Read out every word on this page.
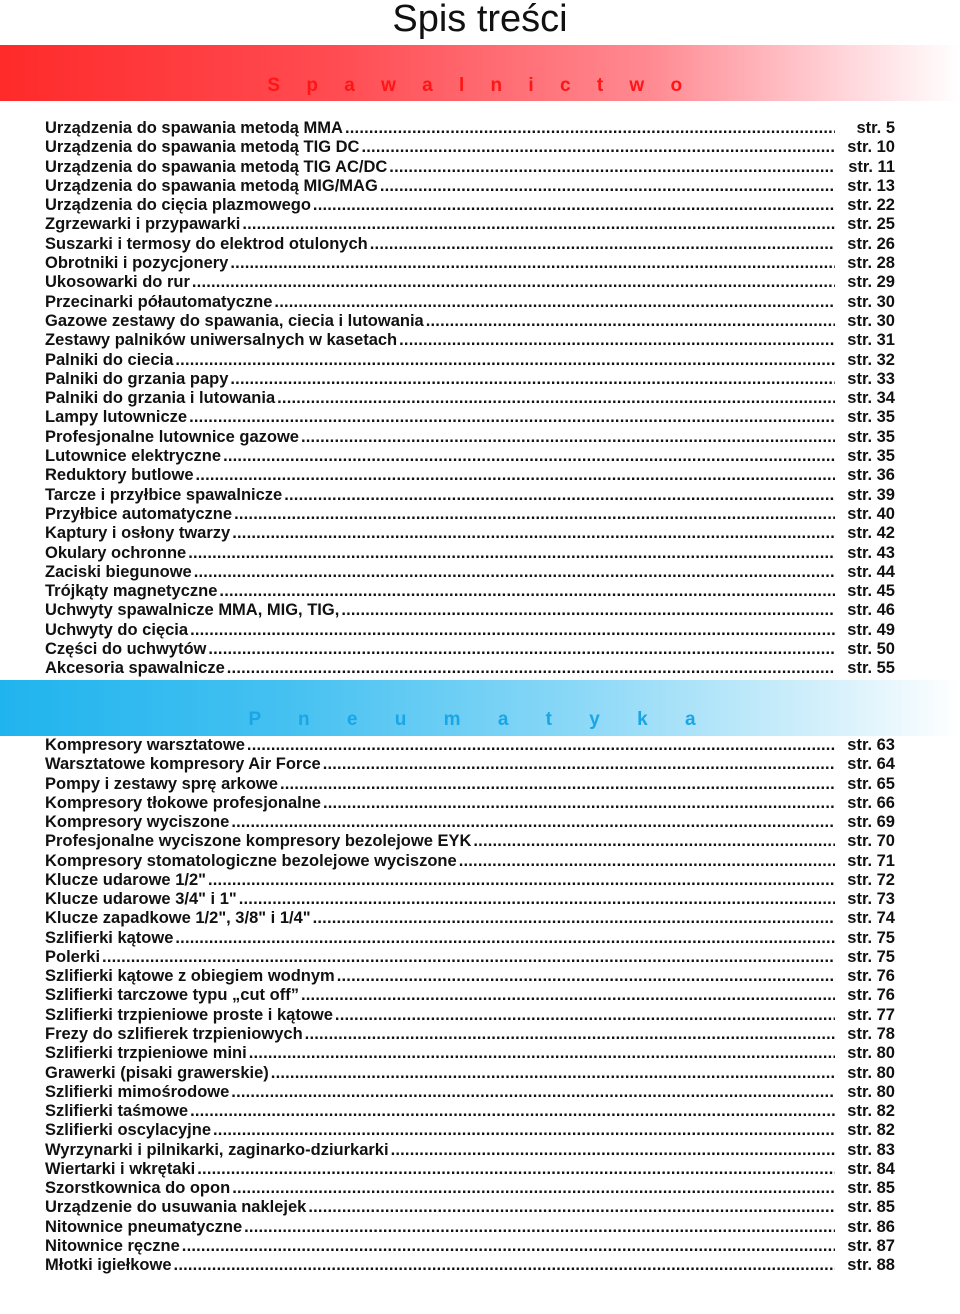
Spis treści
S p a w a l n i c t w o
Urządzenia do spawania metodą MMA .....	str. 5
Urządzenia do spawania metodą TIG DC .....	str. 10
Urządzenia do spawania metodą TIG AC/DC .....	str. 11
Urządzenia do spawania metodą MIG/MAG .....	str. 13
Urządzenia do cięcia plazmowego .....	str. 22
Zgrzewarki i przypawarki .....	str. 25
Suszarki i termosy do elektrod otulonych .....	str. 26
Obrotniki i pozycjonery .....	str. 28
Ukosowarki do rur .....	str. 29
Przecinarki półautomatyczne .....	str. 30
Gazowe zestawy do spawania, ciecia i lutowania .....	str. 30
Zestawy palników uniwersalnych w kasetach .....	str. 31
Palniki do ciecia .....	str. 32
Palniki do grzania papy .....	str. 33
Palniki do grzania i lutowania .....	str. 34
Lampy lutownicze .....	str. 35
Profesjonalne lutownice gazowe .....	str. 35
Lutownice elektryczne .....	str. 35
Reduktory butlowe .....	str. 36
Tarcze i przyłbice spawalnicze .....	str. 39
Przyłbice automatyczne .....	str. 40
Kaptury i osłony twarzy .....	str. 42
Okulary ochronne .....	str. 43
Zaciski biegunowe .....	str. 44
Trójkąty magnetyczne .....	str. 45
Uchwyty spawalnicze MMA, MIG, TIG, .....	str. 46
Uchwyty do cięcia .....	str. 49
Części do uchwytów .....	str. 50
Akcesoria spawalnicze .....	str. 55
P n e u m a t y k a
Kompresory warsztatowe .....	str. 63
Warsztatowe kompresory Air Force .....	str. 64
Pompy i zestawy sprę arkowe .....	str. 65
Kompresory tłokowe profesjonalne .....	str. 66
Kompresory wyciszone .....	str. 69
Profesjonalne wyciszone kompresory bezolejowe EYK .....	str. 70
Kompresory stomatologiczne bezolejowe wyciszone .....	str. 71
Klucze udarowe 1/2" .....	str. 72
Klucze udarowe 3/4" i 1" .....	str. 73
Klucze zapadkowe 1/2", 3/8" i 1/4" .....	str. 74
Szlifierki kątowe .....	str. 75
Polerki .....	str. 75
Szlifierki kątowe z obiegiem wodnym .....	str. 76
Szlifierki tarczowe typu „cut off” .....	str. 76
Szlifierki trzpieniowe proste i kątowe .....	str. 77
Frezy do szlifierek trzpieniowych .....	str. 78
Szlifierki trzpieniowe mini .....	str. 80
Grawerki (pisaki grawerskie) .....	str. 80
Szlifierki mimośrodowe .....	str. 80
Szlifierki taśmowe .....	str. 82
Szlifierki oscylacyjne .....	str. 82
Wyrzynarki i pilnikarki, zaginarko-dziurkarki .....	str. 83
Wiertarki i wkrętaki .....	str. 84
Szorstkownica do opon .....	str. 85
Urządzenie do usuwania naklejek .....	str. 85
Nitownice pneumatyczne .....	str. 86
Nitownice ręczne .....	str. 87
Młotki igiełkowe .....	str. 88
